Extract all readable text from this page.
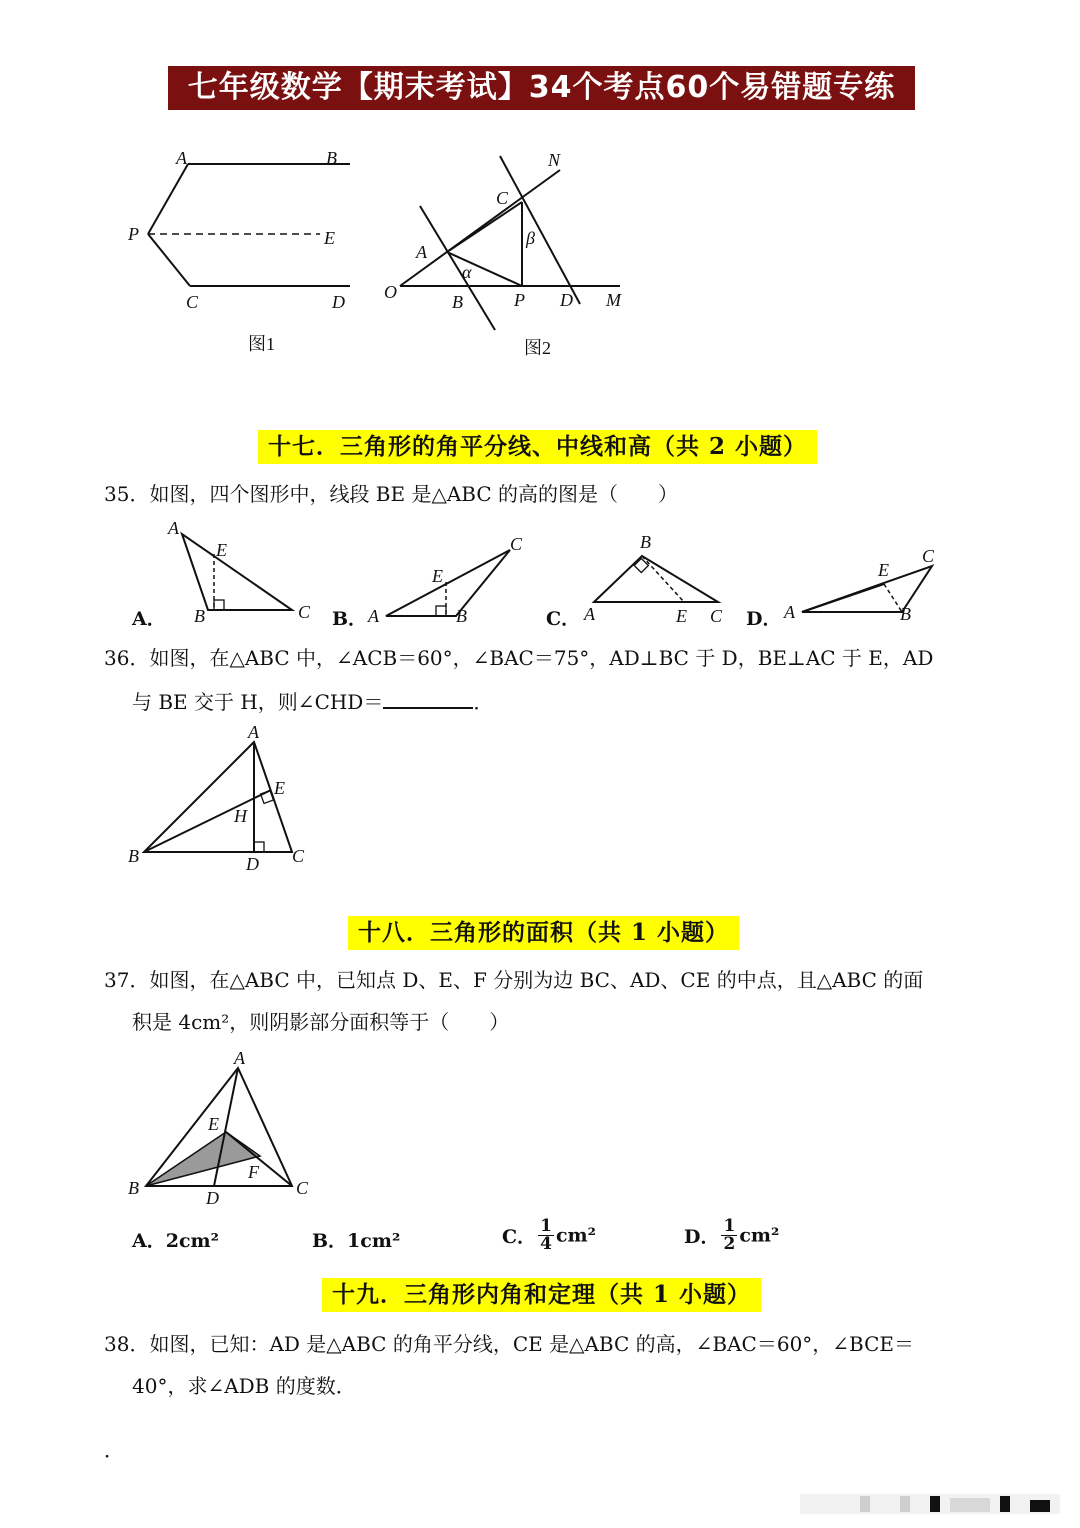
七年级数学【期末考试】34个考点60个易错题专练
A	B
P	E
C	D
图1
N
C
A
β
α
O	B	P D M
图2
十七．三角形的角平分线、中线和高（共 2 小题）
35．如图，四个图形中，线段 BE 是△ABC 的高的图是（　　）
A．
A
E
B	C B． A
E
B
C
C． A
B
E C D． A
E
B
C
36．如图，在△ABC 中，∠ACB＝60°，∠BAC＝75°，AD⊥BC 于 D，BE⊥AC 于 E，AD
与 BE 交于 H，则∠CHD＝	．
A
E
H
B	D C
十八．三角形的面积（共 1 小题）
37．如图，在△ABC 中，已知点 D、E、F 分别为边 BC、AD、CE 的中点，且△ABC 的面
积是 4cm²，则阴影部分面积等于（　　）
A
E
F
B	D	C
A．2cm²	B．1cm²	C． $\frac{1}{4} cm^2$	D． $\frac{1}{2} cm^2$
十九．三角形内角和定理（共 1 小题）
38．如图，已知：AD 是△ABC 的角平分线，CE 是△ABC 的高，∠BAC＝60°，∠BCE＝
40°，求∠ADB 的度数．
．
